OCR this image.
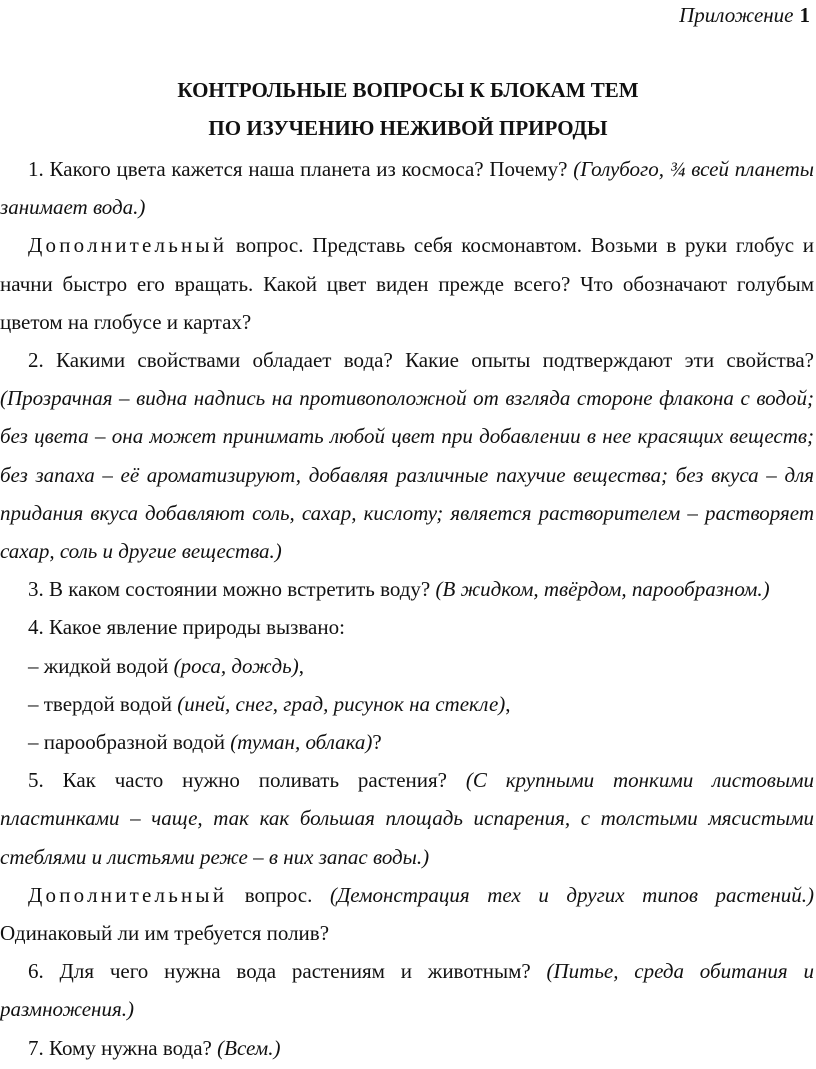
Приложение 1
КОНТРОЛЬНЫЕ ВОПРОСЫ К БЛОКАМ ТЕМ
ПО ИЗУЧЕНИЮ НЕЖИВОЙ ПРИРОДЫ

1. Какого цвета кажется наша планета из космоса? Почему? (Голубого, ¾ всей планеты занимает вода.)

Дополнительный вопрос. Представь себя космонавтом. Возьми в руки глобус и начни быстро его вращать. Какой цвет виден прежде всего? Что обозначают голубым цветом на глобусе и картах?

2. Какими свойствами обладает вода? Какие опыты подтверждают эти свойства? (Прозрачная – видна надпись на противоположной от взгляда стороне флакона с водой; без цвета – она может принимать любой цвет при добавлении в нее красящих веществ; без запаха – её ароматизируют, добавляя различные пахучие вещества; без вкуса – для придания вкуса добавляют соль, сахар, кислоту; является растворителем – растворяет сахар, соль и другие вещества.)

3. В каком состоянии можно встретить воду? (В жидком, твёрдом, парообразном.)

4. Какое явление природы вызвано:

– жидкой водой (роса, дождь),

– твердой водой (иней, снег, град, рисунок на стекле),

– парообразной водой (туман, облака)?

5. Как часто нужно поливать растения? (С крупными тонкими листовыми пластинками – чаще, так как большая площадь испарения, с толстыми мясистыми стеблями и листьями реже – в них запас воды.)

Дополнительный вопрос. (Демонстрация тех и других типов растений.) Одинаковый ли им требуется полив?

6. Для чего нужна вода растениям и животным? (Питье, среда обитания и размножения.)

7. Кому нужна вода? (Всем.)
